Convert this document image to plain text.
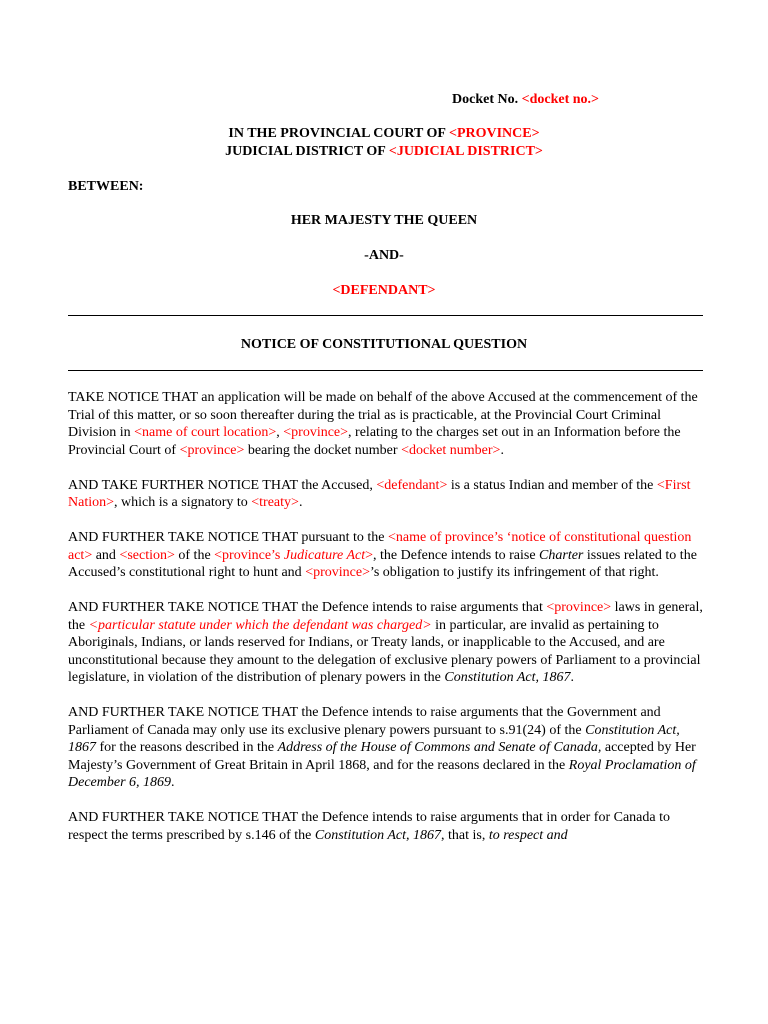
Docket No. <docket no.>
IN THE PROVINCIAL COURT OF <PROVINCE>
JUDICIAL DISTRICT OF <JUDICIAL DISTRICT>
BETWEEN:
HER MAJESTY THE QUEEN
-AND-
<DEFENDANT>
NOTICE OF CONSTITUTIONAL QUESTION

TAKE NOTICE THAT an application will be made on behalf of the above Accused at the commencement of the Trial of this matter, or so soon thereafter during the trial as is practicable, at the Provincial Court Criminal Division in <name of court location>, <province>, relating to the charges set out in an Information before the Provincial Court of <province> bearing the docket number <docket number>.

AND TAKE FURTHER NOTICE THAT the Accused, <defendant> is a status Indian and member of the <First Nation>, which is a signatory to <treaty>.

AND FURTHER TAKE NOTICE THAT pursuant to the <name of province’s ‘notice of constitutional question act> and <section> of the <province’s Judicature Act>, the Defence intends to raise Charter issues related to the Accused’s constitutional right to hunt and <province>’s obligation to justify its infringement of that right.

AND FURTHER TAKE NOTICE THAT the Defence intends to raise arguments that <province> laws in general, the <particular statute under which the defendant was charged> in particular, are invalid as pertaining to Aboriginals, Indians, or lands reserved for Indians, or Treaty lands, or inapplicable to the Accused, and are unconstitutional because they amount to the delegation of exclusive plenary powers of Parliament to a provincial legislature, in violation of the distribution of plenary powers in the Constitution Act, 1867.

AND FURTHER TAKE NOTICE THAT the Defence intends to raise arguments that the Government and Parliament of Canada may only use its exclusive plenary powers pursuant to s.91(24) of the Constitution Act, 1867 for the reasons described in the Address of the House of Commons and Senate of Canada, accepted by Her Majesty’s Government of Great Britain in April 1868, and for the reasons declared in the Royal Proclamation of December 6, 1869.

AND FURTHER TAKE NOTICE THAT the Defence intends to raise arguments that in order for Canada to respect the terms prescribed by s.146 of the Constitution Act, 1867, that is, to respect and
